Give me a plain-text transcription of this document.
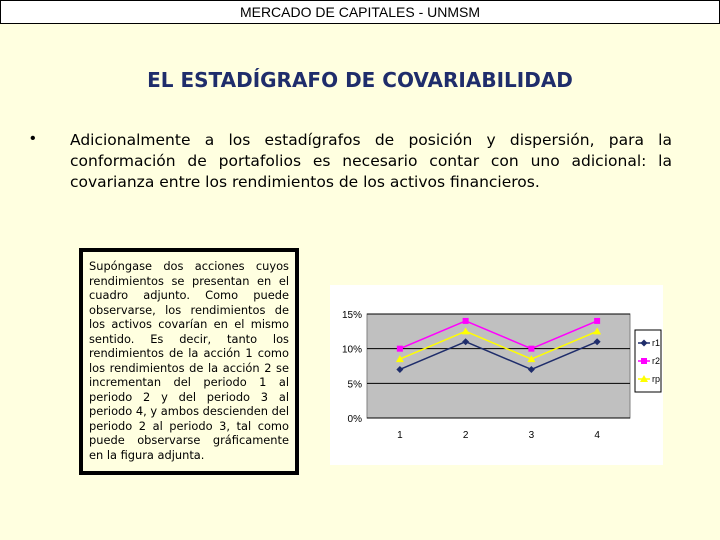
MERCADO DE CAPITALES - UNMSM
EL ESTADÍGRAFO DE COVARIABILIDAD
• Adicionalmente a los estadígrafos de posición y dispersión, para la conformación de portafolios es necesario contar con uno adicional: la covarianza entre los rendimientos de los activos financieros.

Supóngase dos acciones cuyos rendimientos se presentan en el cuadro adjunto. Como puede observarse, los rendimientos de los activos covarían en el mismo sentido. Es decir, tanto los rendimientos de la acción 1 como los rendimientos de la acción 2 se incrementan del periodo 1 al periodo 2 y del periodo 3 al periodo 4, y ambos descienden del periodo 2 al periodo 3, tal como puede observarse gráficamente en la figura adjunta.

0%
5%
10%
15%
1	2	3	4
r1
r2
rp
